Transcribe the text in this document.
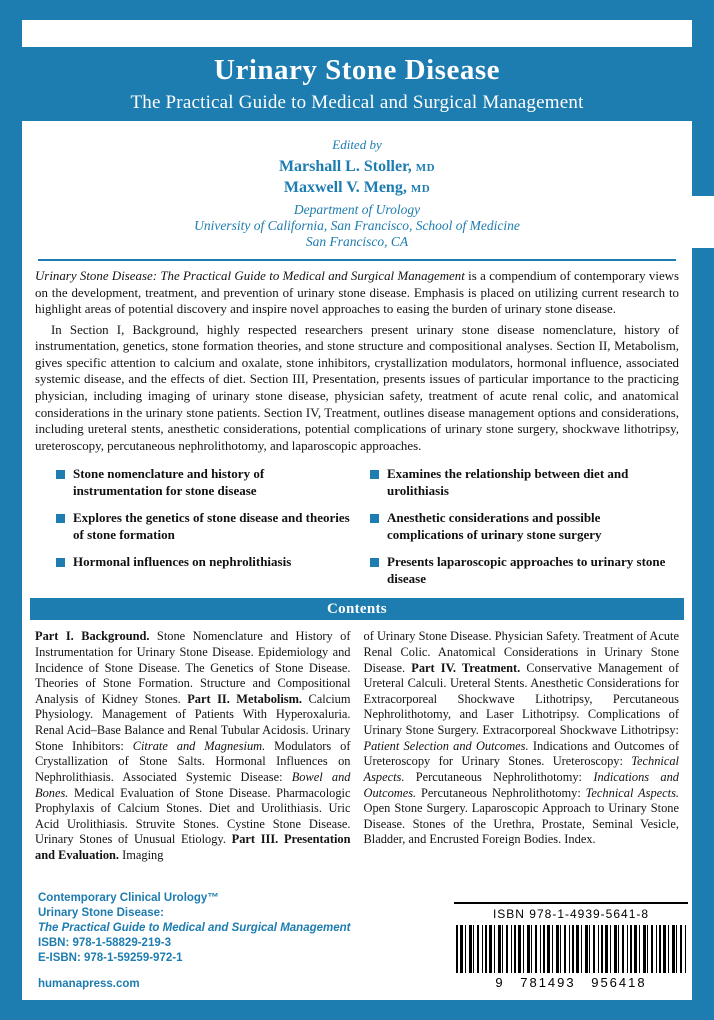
Urinary Stone Disease
The Practical Guide to Medical and Surgical Management
Edited by
Marshall L. Stoller, MD
Maxwell V. Meng, MD
Department of Urology
University of California, San Francisco, School of Medicine
San Francisco, CA

Urinary Stone Disease: The Practical Guide to Medical and Surgical Management is a compendium of contemporary views on the development, treatment, and prevention of urinary stone disease. Emphasis is placed on utilizing current research to highlight areas of potential discovery and inspire novel approaches to easing the burden of urinary stone disease.

In Section I, Background, highly respected researchers present urinary stone disease nomenclature, history of instrumentation, genetics, stone formation theories, and stone structure and compositional analyses. Section II, Metabolism, gives specific attention to calcium and oxalate, stone inhibitors, crystallization modulators, hormonal influence, associated systemic disease, and the effects of diet. Section III, Presentation, presents issues of particular importance to the practicing physician, including imaging of urinary stone disease, physician safety, treatment of acute renal colic, and anatomical considerations in the urinary stone patients. Section IV, Treatment, outlines disease management options and considerations, including ureteral stents, anesthetic considerations, potential complications of urinary stone surgery, shockwave lithotripsy, ureteroscopy, percutaneous nephrolithotomy, and laparoscopic approaches.

Stone nomenclature and history of instrumentation for stone disease
Examines the relationship between diet and urolithiasis
Explores the genetics of stone disease and theories of stone formation
Anesthetic considerations and possible complications of urinary stone surgery
Hormonal influences on nephrolithiasis	Presents laparoscopic approaches to urinary stone disease
Contents
Part I. Background. Stone Nomenclature and History of Instrumentation for Urinary Stone Disease. Epidemiology and Incidence of Stone Disease. The Genetics of Stone Disease. Theories of Stone Formation. Structure and Compositional Analysis of Kidney Stones. Part II. Metabolism. Calcium Physiology. Management of Patients With Hyperoxaluria. Renal Acid–Base Balance and Renal Tubular Acidosis. Urinary Stone Inhibitors: Citrate and Magnesium. Modulators of Crystallization of Stone Salts. Hormonal Influences on Nephrolithiasis. Associated Systemic Disease: Bowel and Bones. Medical Evaluation of Stone Disease. Pharmacologic Prophylaxis of Calcium Stones. Diet and Urolithiasis. Uric Acid Urolithiasis. Struvite Stones. Cystine Stone Disease. Urinary Stones of Unusual Etiology. Part III. Presentation and Evaluation. Imaging
of Urinary Stone Disease. Physician Safety. Treatment of Acute Renal Colic. Anatomical Considerations in Urinary Stone Disease. Part IV. Treatment. Conservative Management of Ureteral Calculi. Ureteral Stents. Anesthetic Considerations for Extracorporeal Shockwave Lithotripsy, Percutaneous Nephrolithotomy, and Laser Lithotripsy. Complications of Urinary Stone Surgery. Extracorporeal Shockwave Lithotripsy: Patient Selection and Outcomes. Indications and Outcomes of Ureteroscopy for Urinary Stones. Ureteroscopy: Technical Aspects. Percutaneous Nephrolithotomy: Indications and Outcomes. Percutaneous Nephrolithotomy: Technical Aspects. Open Stone Surgery. Laparoscopic Approach to Urinary Stone Disease. Stones of the Urethra, Prostate, Seminal Vesicle, Bladder, and Encrusted Foreign Bodies. Index.
Contemporary Clinical Urology™
Urinary Stone Disease:
The Practical Guide to Medical and Surgical Management
ISBN: 978-1-58829-219-3
E-ISBN: 978-1-59259-972-1
humanapress.com
ISBN 978-1-4939-5641-8
9 781493 956418
